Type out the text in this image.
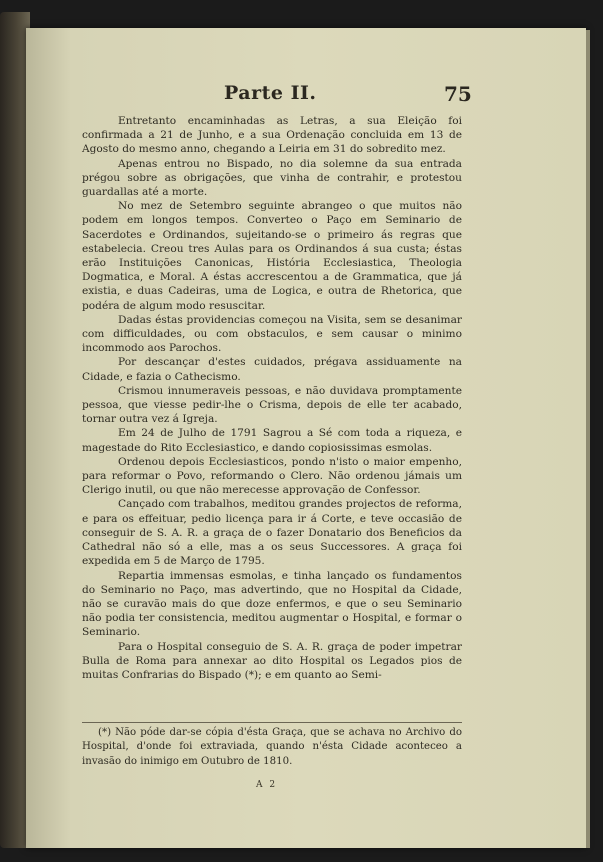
Parte II.	75

Entretanto encaminhadas as Letras, a sua Eleição foi confirmada a 21 de Junho, e a sua Ordenação concluida em 13 de Agosto do mesmo anno, chegando a Leiria em 31 do sobredito mez.

Apenas entrou no Bispado, no dia solemne da sua entrada prégou sobre as obrigações, que vinha de contrahir, e protestou guardallas até a morte.

No mez de Setembro seguinte abrangeo o que muitos não podem em longos tempos. Converteo o Paço em Seminario de Sacerdotes e Ordinandos, sujeitando-se o primeiro ás regras que estabelecia. Creou tres Aulas para os Ordinandos á sua custa; éstas erão Instituições Canonicas, História Ecclesiastica, Theologia Dogmatica, e Moral. A éstas accrescentou a de Grammatica, que já existia, e duas Cadeiras, uma de Logica, e outra de Rhetorica, que podéra de algum modo resuscitar.

Dadas éstas providencias começou na Visita, sem se desanimar com difficuldades, ou com obstaculos, e sem causar o minimo incommodo aos Parochos.

Por descançar d'estes cuidados, prégava assiduamente na Cidade, e fazia o Cathecismo.

Crismou innumeraveis pessoas, e não duvidava promptamente pessoa, que viesse pedir-lhe o Crisma, depois de elle ter acabado, tornar outra vez á Igreja.

Em 24 de Julho de 1791 Sagrou a Sé com toda a riqueza, e magestade do Rito Ecclesiastico, e dando copiosissimas esmolas.

Ordenou depois Ecclesiasticos, pondo n'isto o maior empenho, para reformar o Povo, reformando o Clero. Não ordenou jámais um Clerigo inutil, ou que não merecesse approvação de Confessor.

Cançado com trabalhos, meditou grandes projectos de reforma, e para os effeituar, pedio licença para ir á Corte, e teve occasião de conseguir de S. A. R. a graça de o fazer Donatario dos Beneficios da Cathedral não só a elle, mas a os seus Successores. A graça foi expedida em 5 de Março de 1795.

Repartia immensas esmolas, e tinha lançado os fundamentos do Seminario no Paço, mas advertindo, que no Hospital da Cidade, não se curavão mais do que doze enfermos, e que o seu Seminario não podia ter consistencia, meditou augmentar o Hospital, e formar o Seminario.

Para o Hospital conseguio de S. A. R. graça de poder impetrar Bulla de Roma para annexar ao dito Hospital os Legados pios de muitas Confrarias do Bispado (*); e em quanto ao Semi-

(*) Não póde dar-se cópia d'ésta Graça, que se achava no Archivo do Hospital, d'onde foi extraviada, quando n'ésta Cidade aconteceo a invasão do inimigo em Outubro de 1810.
A 2
